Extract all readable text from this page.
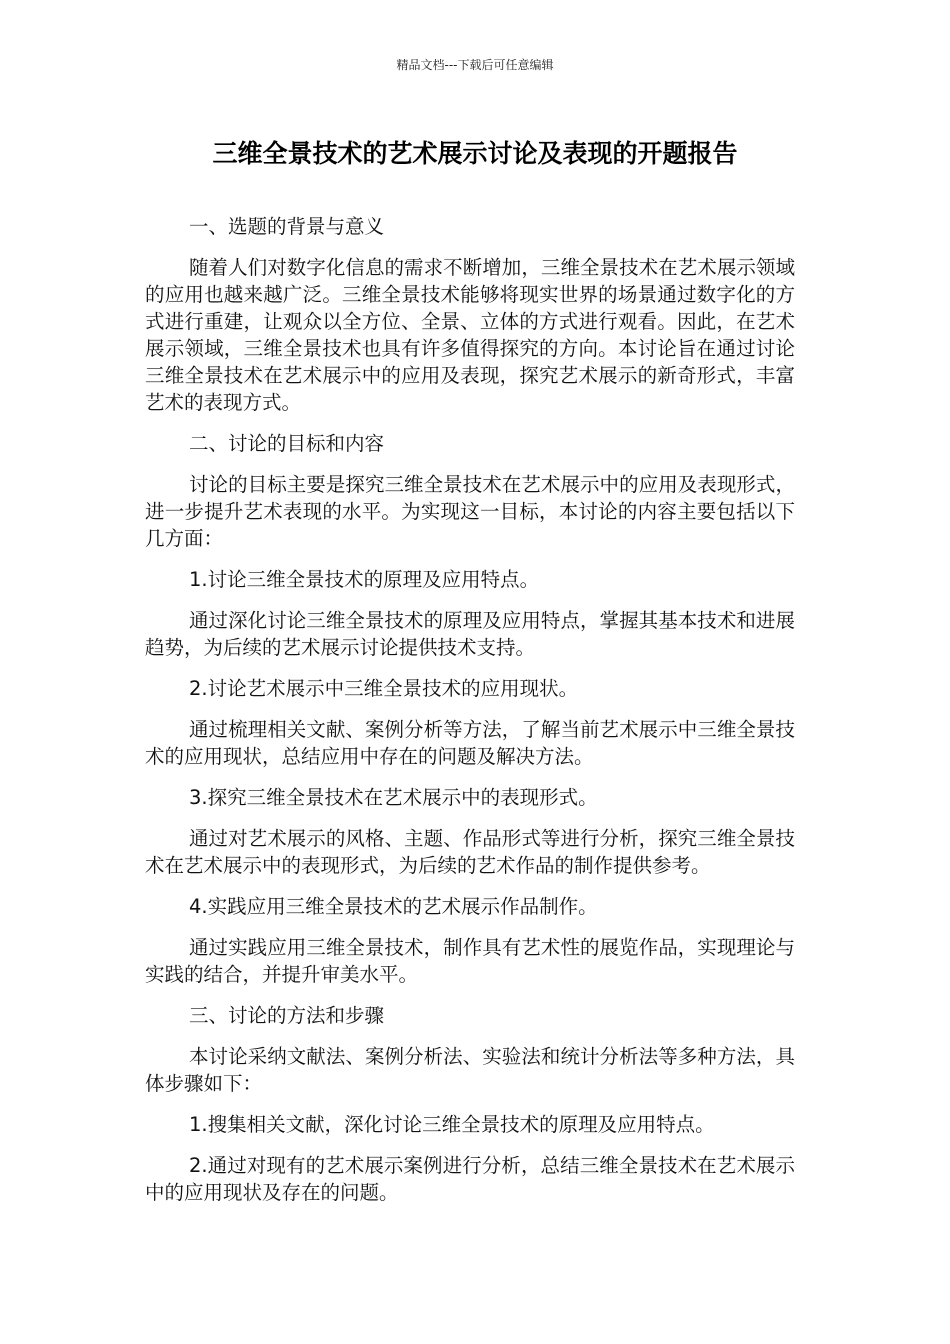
精品文档---下载后可任意编辑
三维全景技术的艺术展示讨论及表现的开题报告

一、选题的背景与意义

随着人们对数字化信息的需求不断增加，三维全景技术在艺术展示领域的应用也越来越广泛。三维全景技术能够将现实世界的场景通过数字化的方式进行重建，让观众以全方位、全景、立体的方式进行观看。因此，在艺术展示领域，三维全景技术也具有许多值得探究的方向。本讨论旨在通过讨论三维全景技术在艺术展示中的应用及表现，探究艺术展示的新奇形式，丰富艺术的表现方式。

二、讨论的目标和内容

讨论的目标主要是探究三维全景技术在艺术展示中的应用及表现形式，进一步提升艺术表现的水平。为实现这一目标，本讨论的内容主要包括以下几方面：

1.讨论三维全景技术的原理及应用特点。

通过深化讨论三维全景技术的原理及应用特点，掌握其基本技术和进展趋势，为后续的艺术展示讨论提供技术支持。

2.讨论艺术展示中三维全景技术的应用现状。

通过梳理相关文献、案例分析等方法，了解当前艺术展示中三维全景技术的应用现状，总结应用中存在的问题及解决方法。

3.探究三维全景技术在艺术展示中的表现形式。

通过对艺术展示的风格、主题、作品形式等进行分析，探究三维全景技术在艺术展示中的表现形式，为后续的艺术作品的制作提供参考。

4.实践应用三维全景技术的艺术展示作品制作。

通过实践应用三维全景技术，制作具有艺术性的展览作品，实现理论与实践的结合，并提升审美水平。

三、讨论的方法和步骤

本讨论采纳文献法、案例分析法、实验法和统计分析法等多种方法，具体步骤如下：

1.搜集相关文献，深化讨论三维全景技术的原理及应用特点。

2.通过对现有的艺术展示案例进行分析，总结三维全景技术在艺术展示中的应用现状及存在的问题。
